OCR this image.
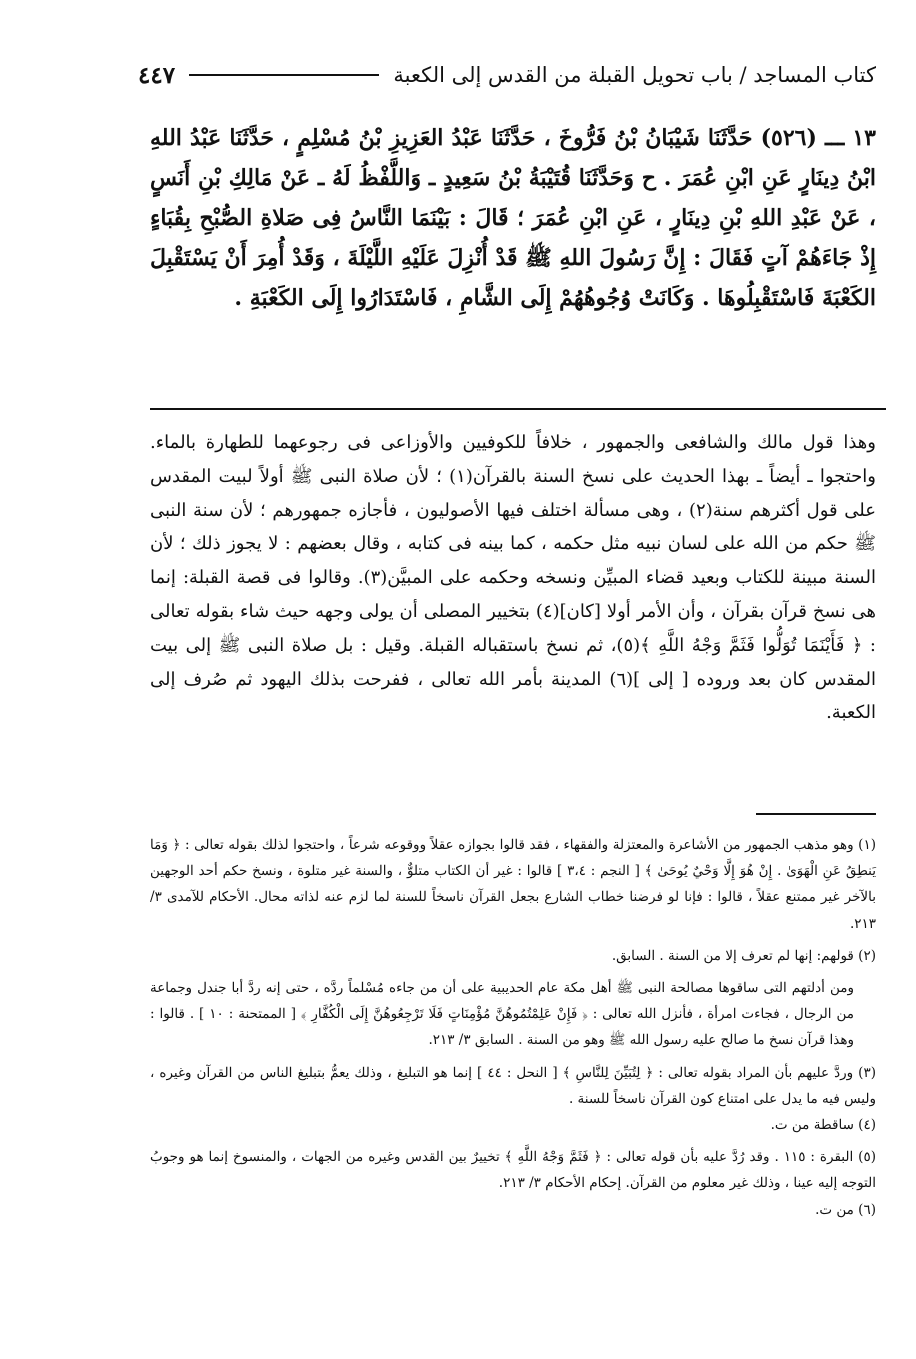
كتاب المساجد / باب تحويل القبلة من القدس إلى الكعبة
٤٤٧
١٣ ـــ (٥٢٦) حَدَّثَنَا شَيْبَانُ بْنُ فَرُّوخَ ، حَدَّثَنَا عَبْدُ العَزِيزِ بْنُ مُسْلِمٍ ، حَدَّثَنَا عَبْدُ اللهِ ابْنُ دِينَارٍ عَنِ ابْنِ عُمَرَ . ح وَحَدَّثَنَا قُتَيْبَةُ بْنُ سَعِيدٍ ـ وَاللَّفْظُ لَهُ ـ عَنْ مَالِكِ بْنِ أَنَسٍ ، عَنْ عَبْدِ اللهِ بْنِ دِينَارٍ ، عَنِ ابْنِ عُمَرَ ؛ قَالَ : بَيْنَمَا النَّاسُ فِى صَلاةِ الصُّبْحِ بِقُبَاءٍ إِذْ جَاءَهُمْ آتٍ فَقَالَ : إِنَّ رَسُولَ اللهِ ﷺ قَدْ أُنْزِلَ عَلَيْهِ اللَّيْلَةَ ، وَقَدْ أُمِرَ أَنْ يَسْتَقْبِلَ الكَعْبَةَ فَاسْتَقْبِلُوهَا . وَكَانَتْ وُجُوهُهُمْ إِلَى الشَّامِ ، فَاسْتَدَارُوا إِلَى الكَعْبَةِ .
وهذا قول مالك والشافعى والجمهور ، خلافاً للكوفيين والأوزاعى فى رجوعهما للطهارة بالماء. واحتجوا ـ أيضاً ـ بهذا الحديث على نسخ السنة بالقرآن(١) ؛ لأن صلاة النبى ﷺ أولاً لبيت المقدس على قول أكثرهم سنة(٢) ، وهى مسألة اختلف فيها الأصوليون ، فأجازه جمهورهم ؛ لأن سنة النبى ﷺ حكم من الله على لسان نبيه مثل حكمه ، كما بينه فى كتابه ، وقال بعضهم : لا يجوز ذلك ؛ لأن السنة مبينة للكتاب وبعيد قضاء المبيِّن ونسخه وحكمه على المبيَّن(٣). وقالوا فى قصة القبلة: إنما هى نسخ قرآن بقرآن ، وأن الأمر أولا [كان](٤) بتخيير المصلى أن يولى وجهه حيث شاء بقوله تعالى : ﴿ فَأَيْنَمَا تُوَلُّوا فَثَمَّ وَجْهُ اللَّهِ ﴾(٥)، ثم نسخ باستقباله القبلة. وقيل : بل صلاة النبى ﷺ إلى بيت المقدس كان بعد وروده [ إلى ](٦) المدينة بأمر الله تعالى ، ففرحت بذلك اليهود ثم صُرف إلى الكعبة.

(١) وهو مذهب الجمهور من الأشاعرة والمعتزلة والفقهاء ، فقد قالوا بجوازه عقلاً ووقوعه شرعاً ، واحتجوا لذلك بقوله تعالى : ﴿ وَمَا يَنطِقُ عَنِ الْهَوَىٰ . إِنْ هُوَ إِلَّا وَحْيٌ يُوحَىٰ ﴾ [ النجم : ٣،٤ ] قالوا : غير أن الكتاب متلوٌّ ، والسنة غير متلوة ، ونسخ حكم أحد الوجهين بالآخر غير ممتنع عقلاً ، قالوا : فإنا لو فرضنا خطاب الشارع بجعل القرآن ناسخاً للسنة لما لزم عنه لذاته محال. الأحكام للآمدى ٣/ ٢١٣.

(٢) قولهم: إنها لم تعرف إلا من السنة . السابق.

ومن أدلتهم التى ساقوها مصالحة النبى ﷺ أهل مكة عام الحديبية على أن من جاءه مُسْلماً ردَّه ، حتى إنه ردَّ أبا جندل وجماعة من الرجال ، فجاءت امرأة ، فأنزل الله تعالى : ﴿ فَإِنْ عَلِمْتُمُوهُنَّ مُؤْمِنَاتٍ فَلَا تَرْجِعُوهُنَّ إِلَى الْكُفَّارِ ﴾ [ الممتحنة : ١٠ ] . قالوا : وهذا قرآن نسخ ما صالح عليه رسول الله ﷺ وهو من السنة . السابق ٣/ ٢١٣.

(٣) وردَّ عليهم بأن المراد بقوله تعالى : ﴿ لِتُبَيِّنَ لِلنَّاسِ ﴾ [ النحل : ٤٤ ] إنما هو التبليغ ، وذلك يعمُّ بتبليغ الناس من القرآن وغيره ، وليس فيه ما يدل على امتناع كون القرآن ناسخاً للسنة .

(٤) ساقطة من ت.

(٥) البقرة : ١١٥ . وقد رُدَّ عليه بأن قوله تعالى : ﴿ فَثَمَّ وَجْهُ اللَّهِ ﴾ تخييرٌ بين القدس وغيره من الجهات ، والمنسوخ إنما هو وجوبُ التوجه إليه عينا ، وذلك غير معلوم من القرآن. إحكام الأحكام ٣/ ٢١٣.

(٦) من ت.
